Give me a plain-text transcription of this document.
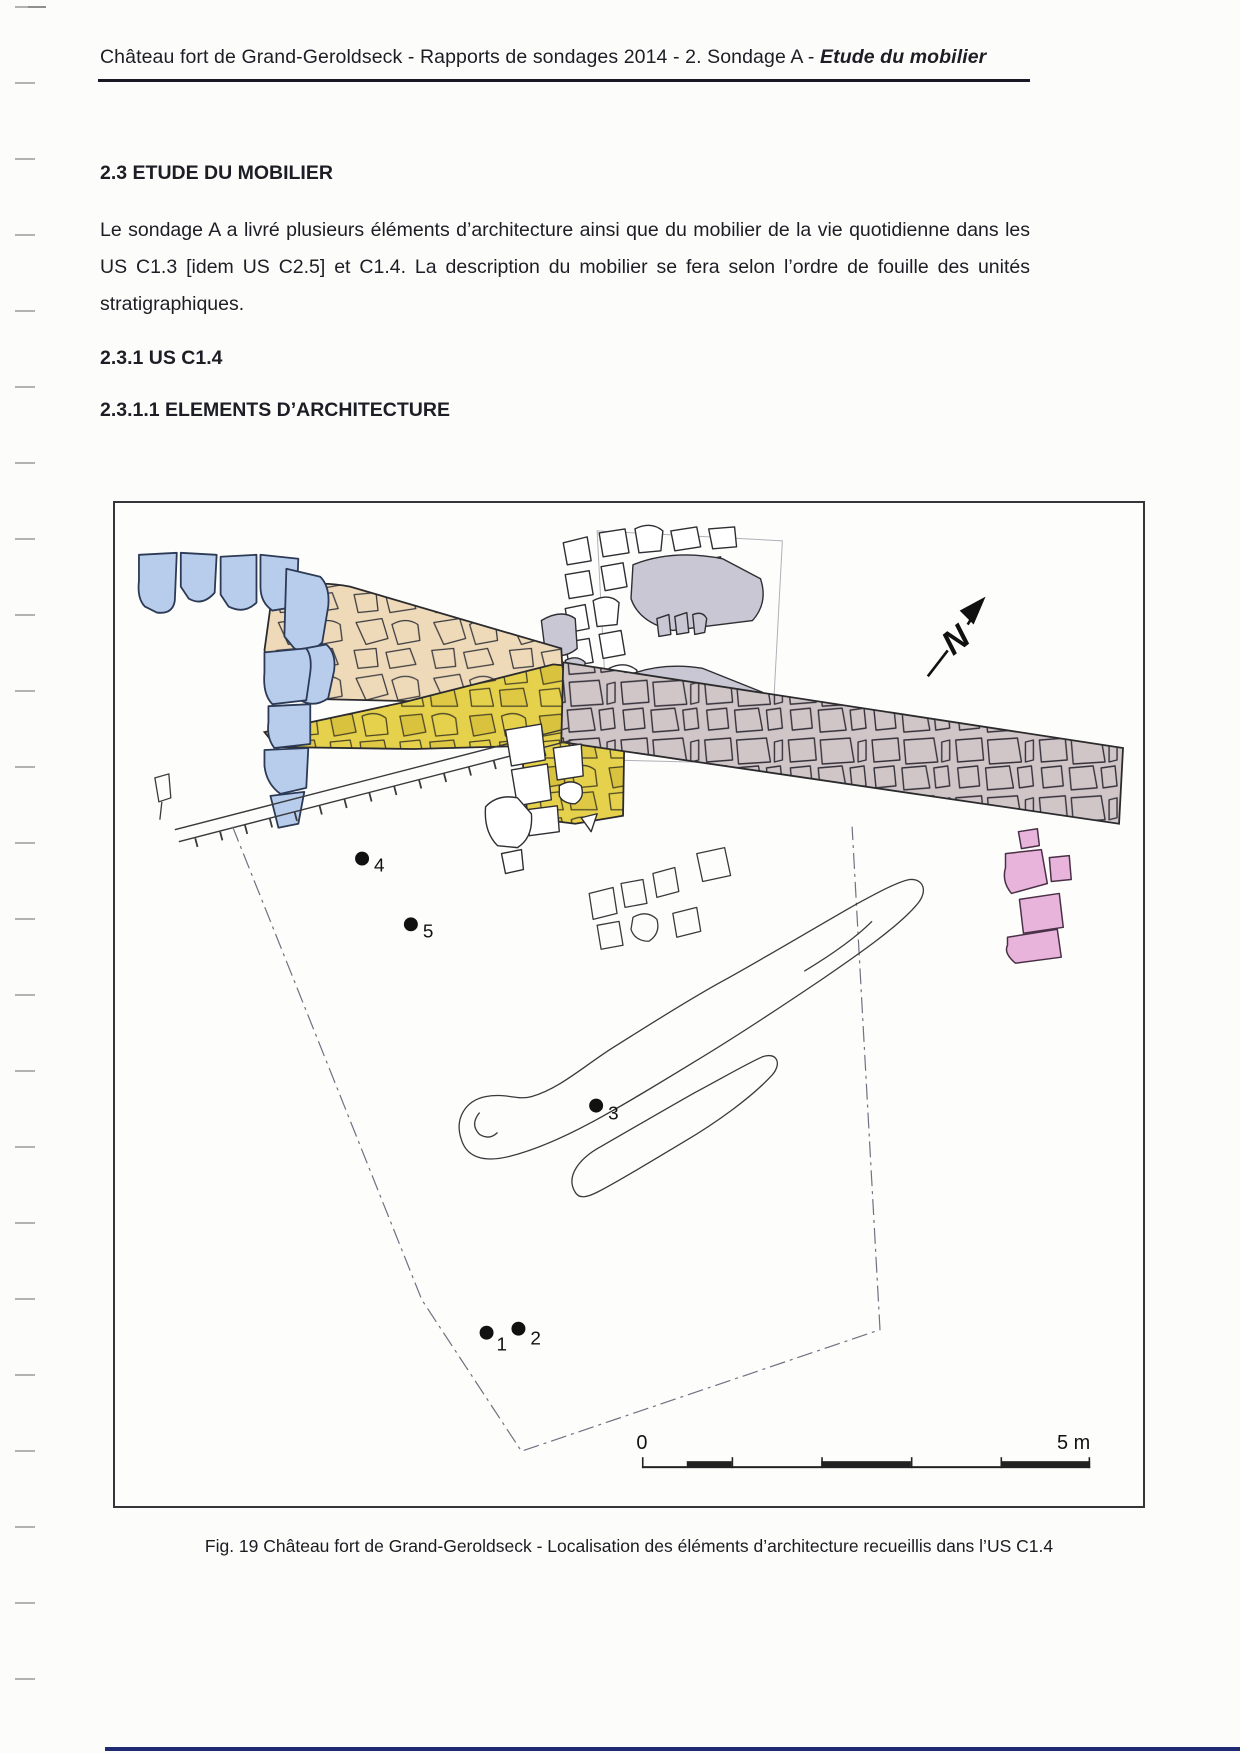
Château fort de Grand-Geroldseck - Rapports de sondages 2014 - 2. Sondage A - Etude du mobilier
2.3 ETUDE DU MOBILIER
Le sondage A a livré plusieurs éléments d’architecture ainsi que du mobilier de la vie quotidienne dans les US C1.3 [idem US C2.5] et C1.4. La description du mobilier se fera selon l’ordre de fouille des unités stratigraphiques.
2.3.1 US C1.4
2.3.1.1 ELEMENTS D’ARCHITECTURE
N
4
5
3
1 2
0	5 m
Fig. 19 Château fort de Grand-Geroldseck - Localisation des éléments d’architecture recueillis dans l’US C1.4
